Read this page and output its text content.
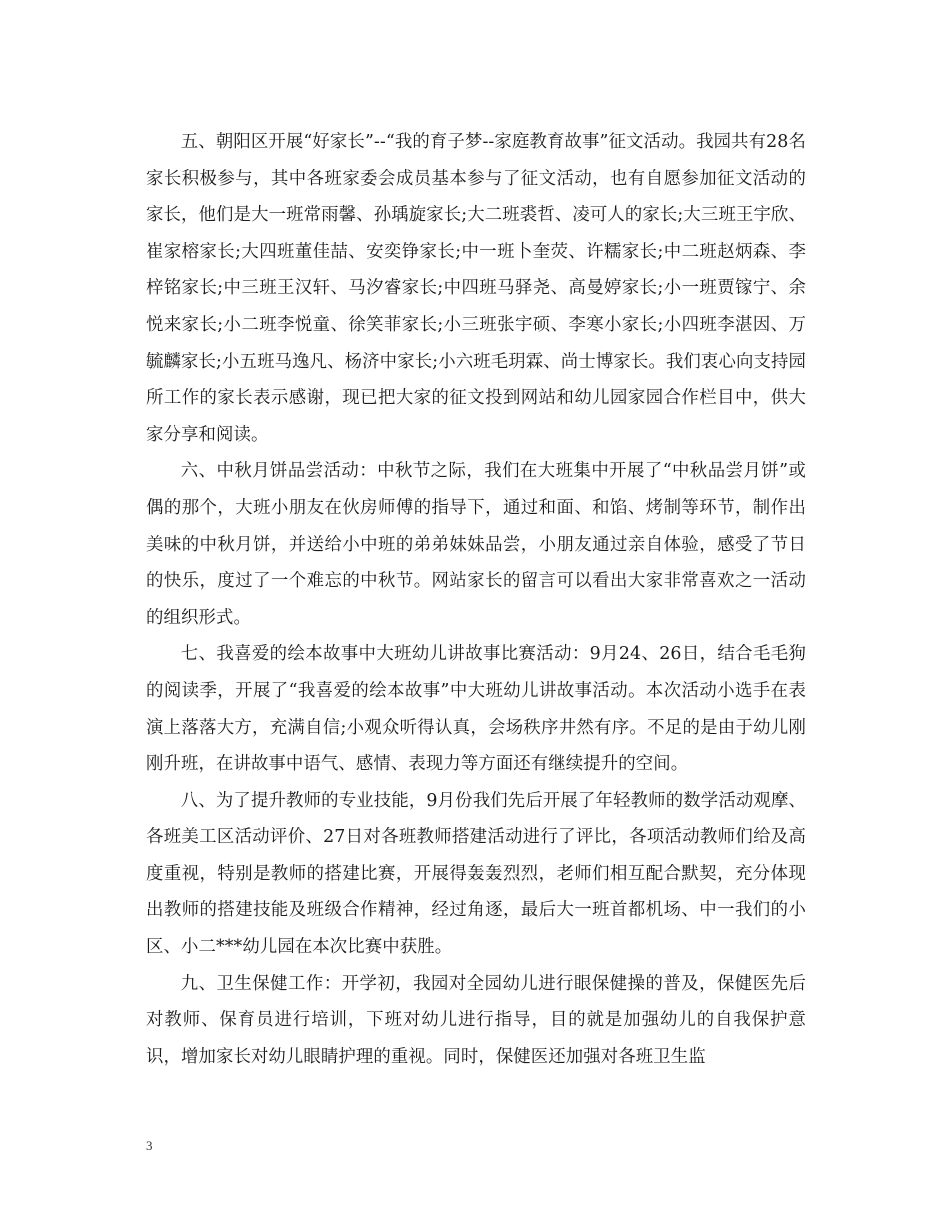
五、朝阳区开展“好家长”--“我的育子梦--家庭教育故事”征文活动。我园共有28名家长积极参与，其中各班家委会成员基本参与了征文活动，也有自愿参加征文活动的家长，他们是大一班常雨馨、孙瑀旋家长;大二班裘哲、凌可人的家长;大三班王宇欣、崔家榕家长;大四班董佳喆、安奕铮家长;中一班卜奎荧、许糯家长;中二班赵炳森、李梓铭家长;中三班王汉轩、马汐睿家长;中四班马驿尧、高曼婷家长;小一班贾镓宁、余悦来家长;小二班李悦童、徐笑菲家长;小三班张宇硕、李寒小家长;小四班李湛因、万毓麟家长;小五班马逸凡、杨济中家长;小六班毛玥霖、尚士博家长。我们衷心向支持园所工作的家长表示感谢，现已把大家的征文投到网站和幼儿园家园合作栏目中，供大家分享和阅读。

六、中秋月饼品尝活动：中秋节之际，我们在大班集中开展了“中秋品尝月饼”或偶的那个，大班小朋友在伙房师傅的指导下，通过和面、和馅、烤制等环节，制作出美味的中秋月饼，并送给小中班的弟弟妹妹品尝，小朋友通过亲自体验，感受了节日的快乐，度过了一个难忘的中秋节。网站家长的留言可以看出大家非常喜欢之一活动的组织形式。

七、我喜爱的绘本故事中大班幼儿讲故事比赛活动：9月24、26日，结合毛毛狗的阅读季，开展了“我喜爱的绘本故事”中大班幼儿讲故事活动。本次活动小选手在表演上落落大方，充满自信;小观众听得认真，会场秩序井然有序。不足的是由于幼儿刚刚升班，在讲故事中语气、感情、表现力等方面还有继续提升的空间。

八、为了提升教师的专业技能，9月份我们先后开展了年轻教师的数学活动观摩、各班美工区活动评价、27日对各班教师搭建活动进行了评比，各项活动教师们给及高度重视，特别是教师的搭建比赛，开展得轰轰烈烈，老师们相互配合默契，充分体现出教师的搭建技能及班级合作精神，经过角逐，最后大一班首都机场、中一我们的小区、小二***幼儿园在本次比赛中获胜。

九、卫生保健工作：开学初，我园对全园幼儿进行眼保健操的普及，保健医先后对教师、保育员进行培训，下班对幼儿进行指导，目的就是加强幼儿的自我保护意识，增加家长对幼儿眼睛护理的重视。同时，保健医还加强对各班卫生监

3
